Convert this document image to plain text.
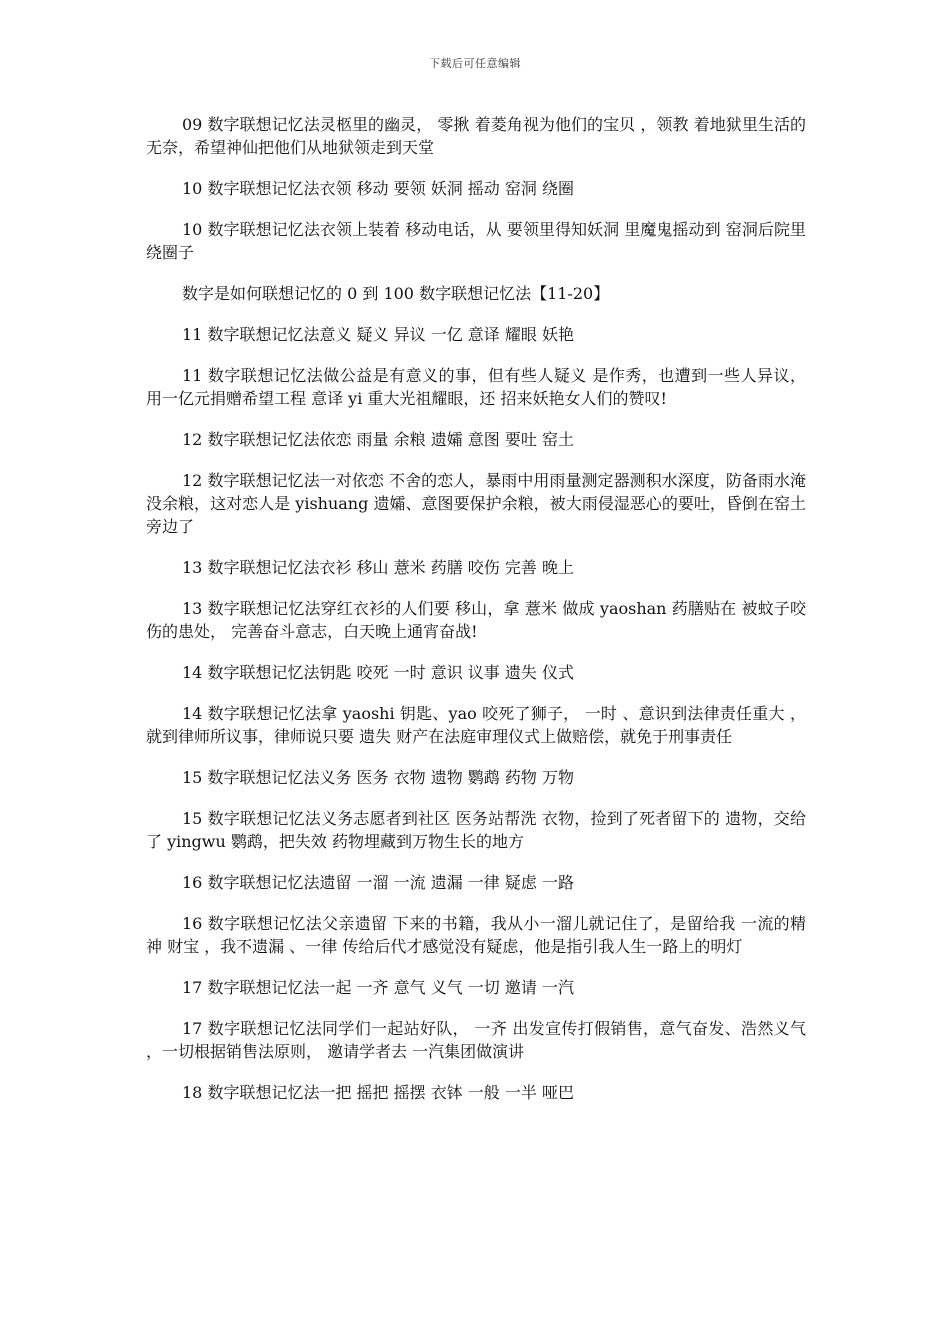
下载后可任意编辑

09 数字联想记忆法灵柩里的幽灵， 零揪 着菱角视为他们的宝贝 ，领教 着地狱里生活的无奈，希望神仙把他们从地狱领走到天堂

10 数字联想记忆法衣领 移动 要领 妖洞 摇动 窑洞 绕圈

10 数字联想记忆法衣领上装着 移动电话，从 要领里得知妖洞 里魔鬼摇动到 窑洞后院里 绕圈子

数字是如何联想记忆的 0 到 100 数字联想记忆法【11-20】

11 数字联想记忆法意义 疑义 异议 一亿 意译 耀眼 妖艳

11 数字联想记忆法做公益是有意义的事，但有些人疑义 是作秀，也遭到一些人异议， 用一亿元捐赠希望工程 意译 yi 重大光祖耀眼，还 招来妖艳女人们的赞叹!

12 数字联想记忆法依恋 雨量 余粮 遗孀 意图 要吐 窑土

12 数字联想记忆法一对依恋 不舍的恋人，暴雨中用雨量测定器测积水深度，防备雨水淹没余粮，这对恋人是 yishuang 遗孀、意图要保护余粮，被大雨侵湿恶心的要吐，昏倒在窑土旁边了

13 数字联想记忆法衣衫 移山 薏米 药膳 咬伤 完善 晚上

13 数字联想记忆法穿红衣衫的人们要 移山，拿 薏米 做成 yaoshan 药膳贴在 被蚊子咬伤的患处， 完善奋斗意志，白天晚上通宵奋战!

14 数字联想记忆法钥匙 咬死 一时 意识 议事 遗失 仪式

14 数字联想记忆法拿 yaoshi 钥匙、yao 咬死了狮子， 一时 、意识到法律责任重大 ，就到律师所议事，律师说只要 遗失 财产在法庭审理仪式上做赔偿，就免于刑事责任

15 数字联想记忆法义务 医务 衣物 遗物 鹦鹉 药物 万物

15 数字联想记忆法义务志愿者到社区 医务站帮洗 衣物，捡到了死者留下的 遗物，交给了 yingwu 鹦鹉，把失效 药物埋藏到万物生长的地方

16 数字联想记忆法遗留 一溜 一流 遗漏 一律 疑虑 一路

16 数字联想记忆法父亲遗留 下来的书籍，我从小一溜儿就记住了，是留给我 一流的精神 财宝 ，我不遗漏 、一律 传给后代才感觉没有疑虑，他是指引我人生一路上的明灯

17 数字联想记忆法一起 一齐 意气 义气 一切 邀请 一汽

17 数字联想记忆法同学们一起站好队， 一齐 出发宣传打假销售，意气奋发、浩然义气 ，一切根据销售法原则， 邀请学者去 一汽集团做演讲

18 数字联想记忆法一把 摇把 摇摆 衣钵 一般 一半 哑巴
